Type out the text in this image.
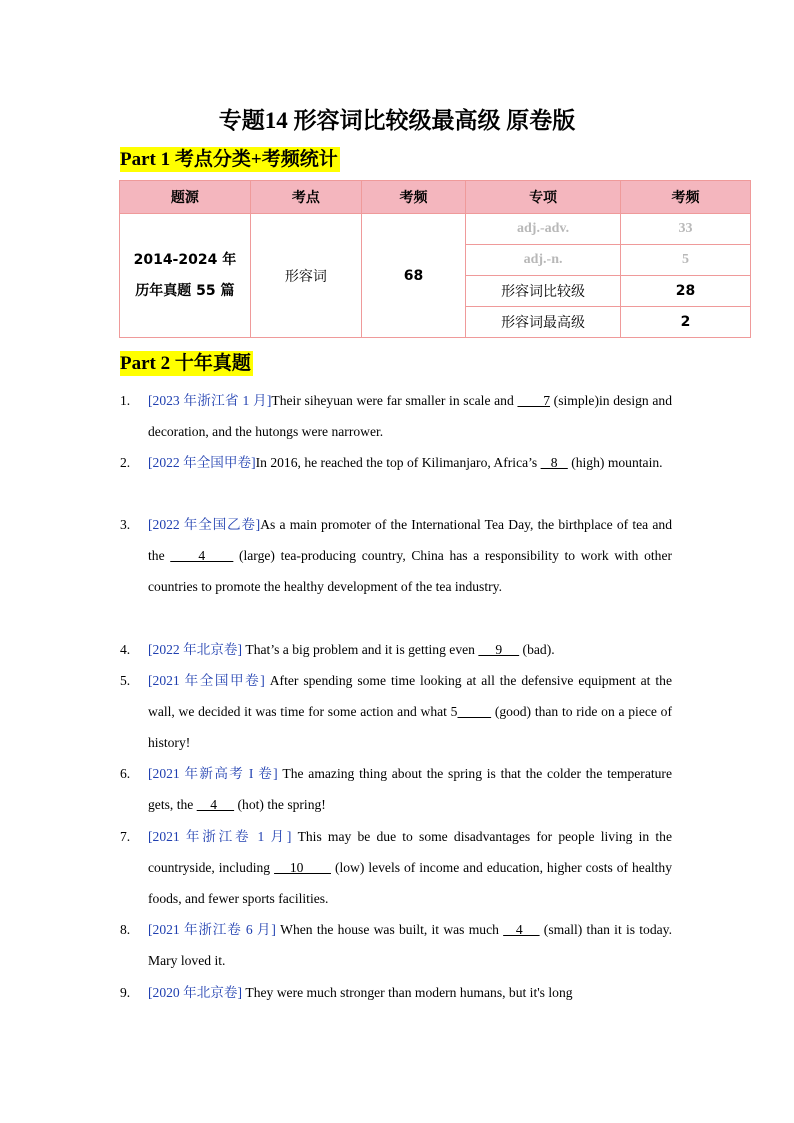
专题14 形容词比较级最高级 原卷版
Part 1 考点分类+考频统计
题源	考点	考频	专项	考频

2014-2024 年历年真题 55 篇	形容词	68	adj.-adv.	33
			adj.-n.	5
			形容词比较级	28
			形容词最高级	2
Part 2 十年真题
1.	[2023 年浙江省 1 月]Their siheyuan were far smaller in scale and        7 (simple)in design and decoration, and the hutongs were narrower.
2.	[2022 年全国甲卷]In 2016, he reached the top of Kilimanjaro, Africa’s    8    (high) mountain.
3.	[2022 年全国乙卷]As a main promoter of the International Tea Day, the birthplace of tea and the      4      (large) tea-producing country, China has a responsibility to work with other countries to promote the healthy development of the tea industry.
4.	[2022 年北京卷] That’s a big problem and it is getting even      9      (bad).
5.	[2021 年全国甲卷] After spending some time looking at all the defensive equipment at the wall, we decided it was time for some action and what 5          (good) than to ride on a piece of history!
6.	[2021 年新高考 I 卷] The amazing thing about the spring is that the colder the temperature gets, the     4      (hot) the spring!
7.	[2021 年浙江卷 1 月] This may be due to some disadvantages for people living in the countryside, including     10        (low) levels of income and education, higher costs of healthy foods, and fewer sports facilities.
8.	[2021 年浙江卷 6 月] When the house was built, it was much    4     (small) than it is today. Mary loved it.
9.	[2020 年北京卷] They were much stronger than modern humans, but it's long
